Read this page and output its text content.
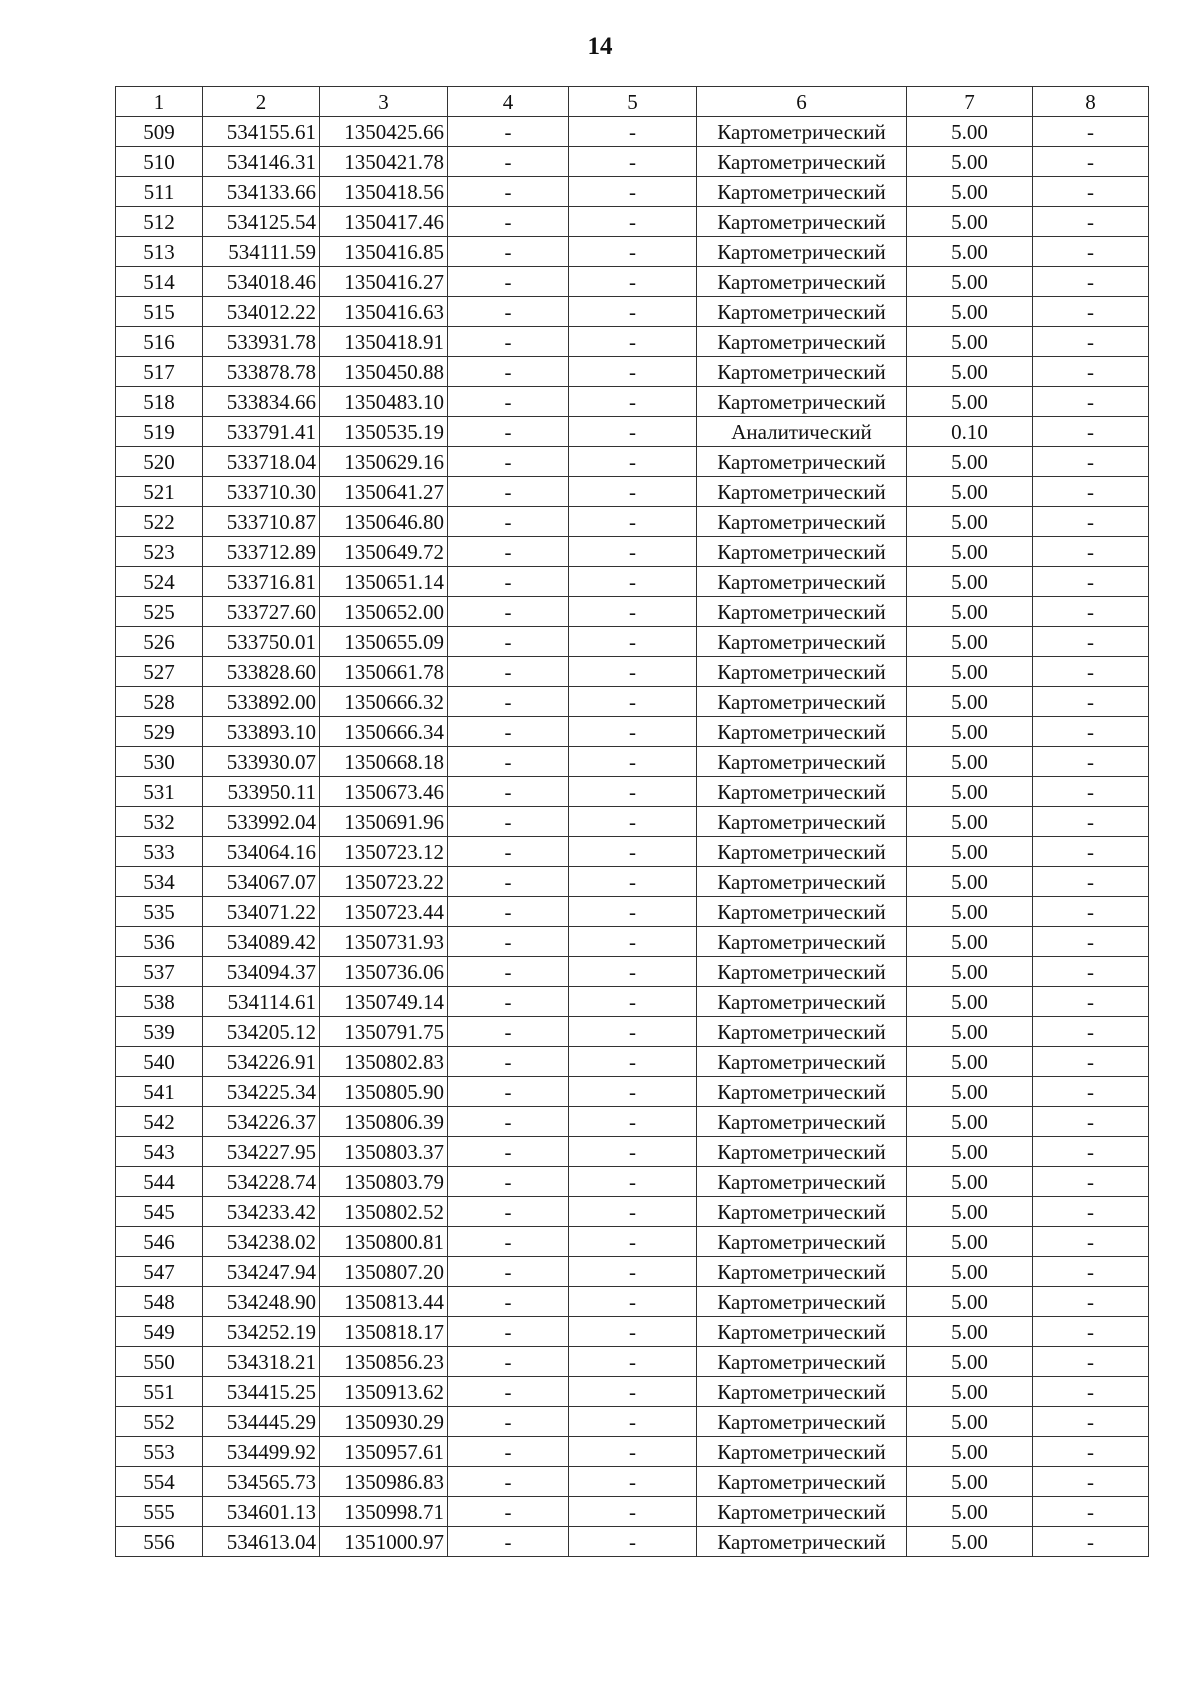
14
1	2	3	4	5	6	7	8
509	534155.61	1350425.66	-	-	Картометрический	5.00	-
510	534146.31	1350421.78	-	-	Картометрический	5.00	-
511	534133.66	1350418.56	-	-	Картометрический	5.00	-
512	534125.54	1350417.46	-	-	Картометрический	5.00	-
513	534111.59	1350416.85	-	-	Картометрический	5.00	-
514	534018.46	1350416.27	-	-	Картометрический	5.00	-
515	534012.22	1350416.63	-	-	Картометрический	5.00	-
516	533931.78	1350418.91	-	-	Картометрический	5.00	-
517	533878.78	1350450.88	-	-	Картометрический	5.00	-
518	533834.66	1350483.10	-	-	Картометрический	5.00	-
519	533791.41	1350535.19	-	-	Аналитический	0.10	-
520	533718.04	1350629.16	-	-	Картометрический	5.00	-
521	533710.30	1350641.27	-	-	Картометрический	5.00	-
522	533710.87	1350646.80	-	-	Картометрический	5.00	-
523	533712.89	1350649.72	-	-	Картометрический	5.00	-
524	533716.81	1350651.14	-	-	Картометрический	5.00	-
525	533727.60	1350652.00	-	-	Картометрический	5.00	-
526	533750.01	1350655.09	-	-	Картометрический	5.00	-
527	533828.60	1350661.78	-	-	Картометрический	5.00	-
528	533892.00	1350666.32	-	-	Картометрический	5.00	-
529	533893.10	1350666.34	-	-	Картометрический	5.00	-
530	533930.07	1350668.18	-	-	Картометрический	5.00	-
531	533950.11	1350673.46	-	-	Картометрический	5.00	-
532	533992.04	1350691.96	-	-	Картометрический	5.00	-
533	534064.16	1350723.12	-	-	Картометрический	5.00	-
534	534067.07	1350723.22	-	-	Картометрический	5.00	-
535	534071.22	1350723.44	-	-	Картометрический	5.00	-
536	534089.42	1350731.93	-	-	Картометрический	5.00	-
537	534094.37	1350736.06	-	-	Картометрический	5.00	-
538	534114.61	1350749.14	-	-	Картометрический	5.00	-
539	534205.12	1350791.75	-	-	Картометрический	5.00	-
540	534226.91	1350802.83	-	-	Картометрический	5.00	-
541	534225.34	1350805.90	-	-	Картометрический	5.00	-
542	534226.37	1350806.39	-	-	Картометрический	5.00	-
543	534227.95	1350803.37	-	-	Картометрический	5.00	-
544	534228.74	1350803.79	-	-	Картометрический	5.00	-
545	534233.42	1350802.52	-	-	Картометрический	5.00	-
546	534238.02	1350800.81	-	-	Картометрический	5.00	-
547	534247.94	1350807.20	-	-	Картометрический	5.00	-
548	534248.90	1350813.44	-	-	Картометрический	5.00	-
549	534252.19	1350818.17	-	-	Картометрический	5.00	-
550	534318.21	1350856.23	-	-	Картометрический	5.00	-
551	534415.25	1350913.62	-	-	Картометрический	5.00	-
552	534445.29	1350930.29	-	-	Картометрический	5.00	-
553	534499.92	1350957.61	-	-	Картометрический	5.00	-
554	534565.73	1350986.83	-	-	Картометрический	5.00	-
555	534601.13	1350998.71	-	-	Картометрический	5.00	-
556	534613.04	1351000.97	-	-	Картометрический	5.00	-
